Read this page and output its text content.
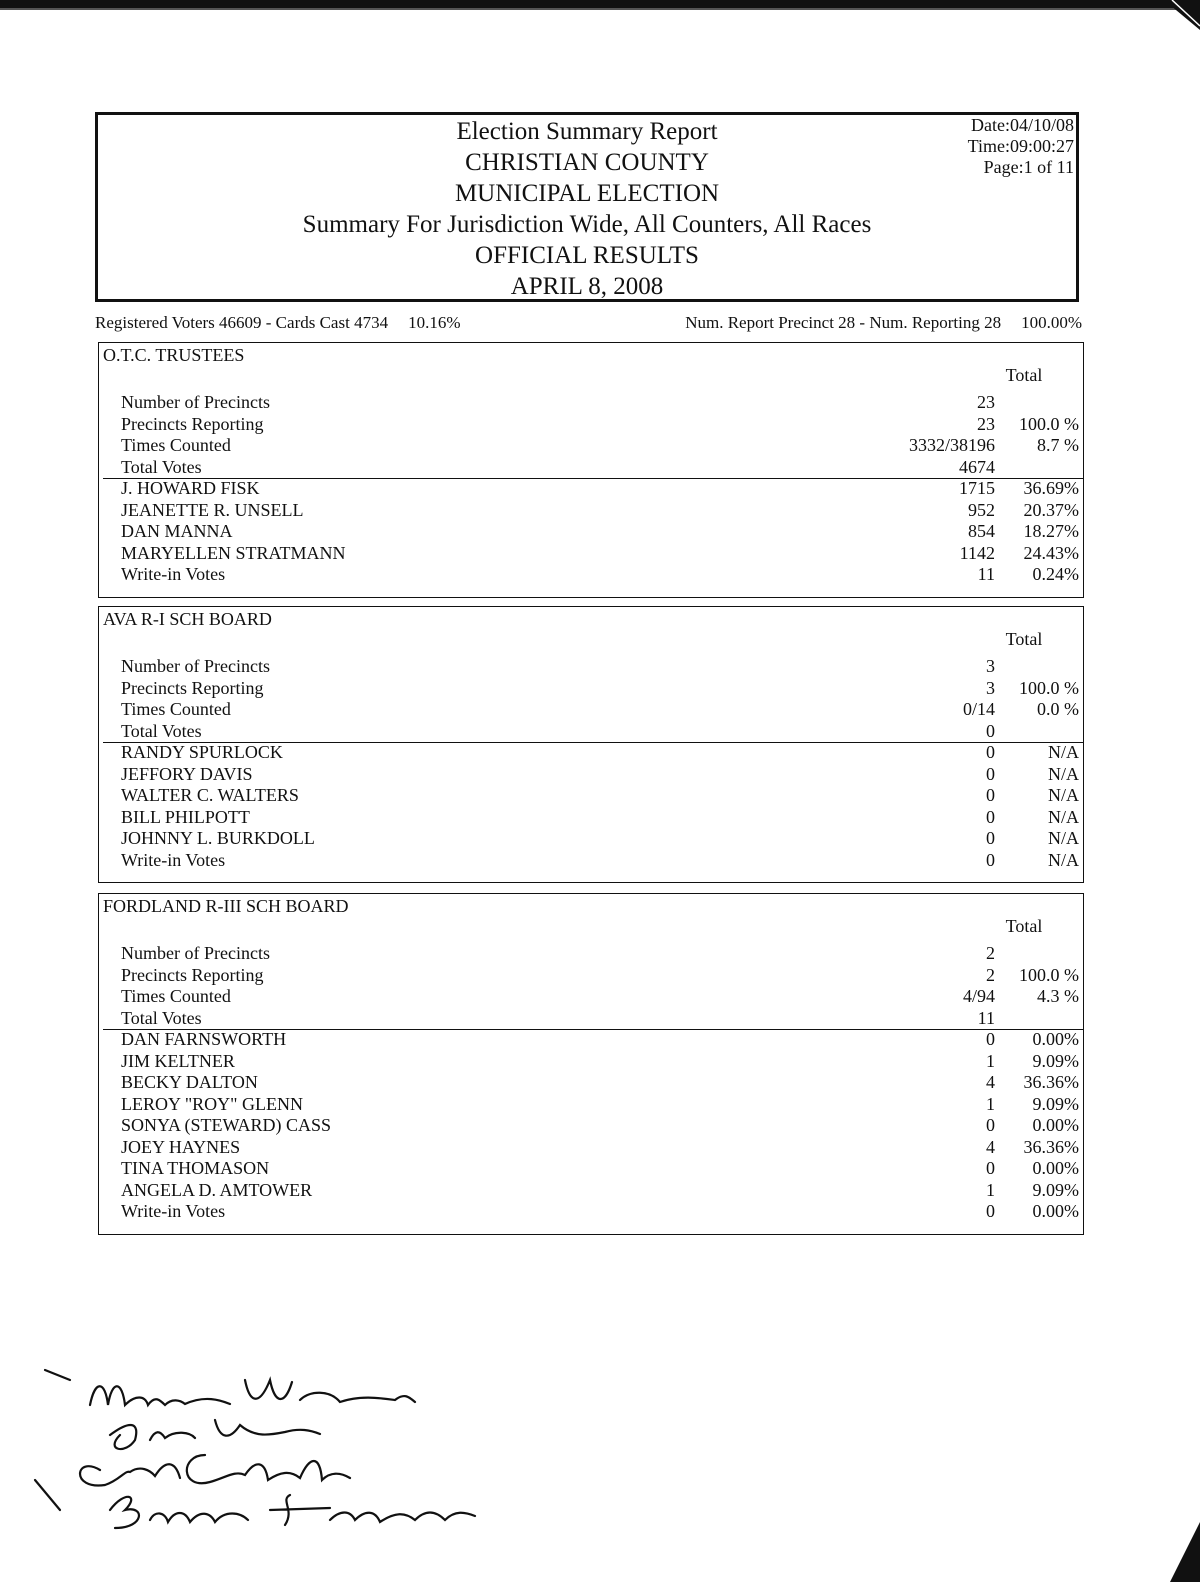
Election Summary Report
CHRISTIAN COUNTY
MUNICIPAL ELECTION
Summary For Jurisdiction Wide, All Counters, All Races
OFFICIAL RESULTS
APRIL 8, 2008
Date:04/10/08
Time:09:00:27
Page:1 of 11
Registered Voters 46609 - Cards Cast 4734 10.16%	Num. Report Precinct 28 - Num. Reporting 28 100.00%
O.T.C. TRUSTEES
Total
Number of Precincts	23
Precincts Reporting	23 100.0 %
Times Counted	3332/38196 8.7 %
Total Votes	4674
J. HOWARD FISK	1715 36.69%
JEANETTE R. UNSELL	952 20.37%
DAN MANNA	854 18.27%
MARYELLEN STRATMANN	1142 24.43%
Write-in Votes	11 0.24%
AVA R-I SCH BOARD
Total
Number of Precincts	3
Precincts Reporting	3 100.0 %
Times Counted	0/14 0.0 %
Total Votes	0
RANDY SPURLOCK	0	N/A
JEFFORY DAVIS	0	N/A
WALTER C. WALTERS	0	N/A
BILL PHILPOTT	0	N/A
JOHNNY L. BURKDOLL	0	N/A
Write-in Votes	0	N/A
FORDLAND R-III SCH BOARD
Total
Number of Precincts	2
Precincts Reporting	2 100.0 %
Times Counted	4/94 4.3 %
Total Votes	11
DAN FARNSWORTH	0 0.00%
JIM KELTNER	1 9.09%
BECKY DALTON	4 36.36%
LEROY "ROY" GLENN	1 9.09%
SONYA (STEWARD) CASS	0 0.00%
JOEY HAYNES	4 36.36%
TINA THOMASON	0 0.00%
ANGELA D. AMTOWER	1 9.09%
Write-in Votes	0 0.00%
